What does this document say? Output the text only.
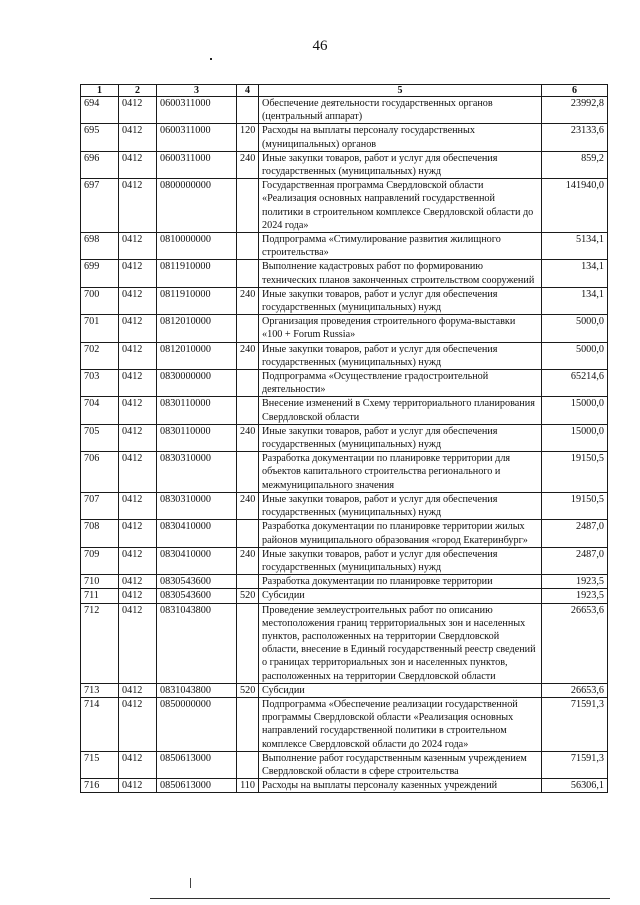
46
1	2	3	4	5	6
694	0412	0600311000		Обеспечение деятельности государственных органов (центральный аппарат)	23992,8
695	0412	0600311000	120	Расходы на выплаты персоналу государственных (муниципальных) органов	23133,6
696	0412	0600311000	240	Иные закупки товаров, работ и услуг для обеспечения государственных (муниципальных) нужд	859,2
697	0412	0800000000		Государственная программа Свердловской области «Реализация основных направлений государственной политики в строительном комплексе Свердловской области до 2024 года»	141940,0
698	0412	0810000000		Подпрограмма «Стимулирование развития жилищного строительства»	5134,1
699	0412	0811910000		Выполнение кадастровых работ по формированию технических планов законченных строительством сооружений	134,1
700	0412	0811910000	240	Иные закупки товаров, работ и услуг для обеспечения государственных (муниципальных) нужд	134,1
701	0412	0812010000		Организация проведения строительного форума-выставки «100 + Forum Russia»	5000,0
702	0412	0812010000	240	Иные закупки товаров, работ и услуг для обеспечения государственных (муниципальных) нужд	5000,0
703	0412	0830000000		Подпрограмма «Осуществление градостроительной деятельности»	65214,6
704	0412	0830110000		Внесение изменений в Схему территориального планирования Свердловской области	15000,0
705	0412	0830110000	240	Иные закупки товаров, работ и услуг для обеспечения государственных (муниципальных) нужд	15000,0
706	0412	0830310000		Разработка документации по планировке территории для объектов капитального строительства регионального и межмуниципального значения	19150,5
707	0412	0830310000	240	Иные закупки товаров, работ и услуг для обеспечения государственных (муниципальных) нужд	19150,5
708	0412	0830410000		Разработка документации по планировке территории жилых районов муниципального образования «город Екатеринбург»	2487,0
709	0412	0830410000	240	Иные закупки товаров, работ и услуг для обеспечения государственных (муниципальных) нужд	2487,0
710	0412	0830543600		Разработка документации по планировке территории	1923,5
711	0412	0830543600	520	Субсидии	1923,5
712	0412	0831043800		Проведение землеустроительных работ по описанию местоположения границ территориальных зон и населенных пунктов, расположенных на территории Свердловской области, внесение в Единый государственный реестр сведений о границах территориальных зон и населенных пунктов, расположенных на территории Свердловской области	26653,6
713	0412	0831043800	520	Субсидии	26653,6
714	0412	0850000000		Подпрограмма «Обеспечение реализации государственной программы Свердловской области «Реализация основных направлений государственной политики в строительном комплексе Свердловской области до 2024 года»	71591,3
715	0412	0850613000		Выполнение работ государственным казенным учреждением Свердловской области в сфере строительства	71591,3
716	0412	0850613000	110	Расходы на выплаты персоналу казенных учреждений	56306,1
